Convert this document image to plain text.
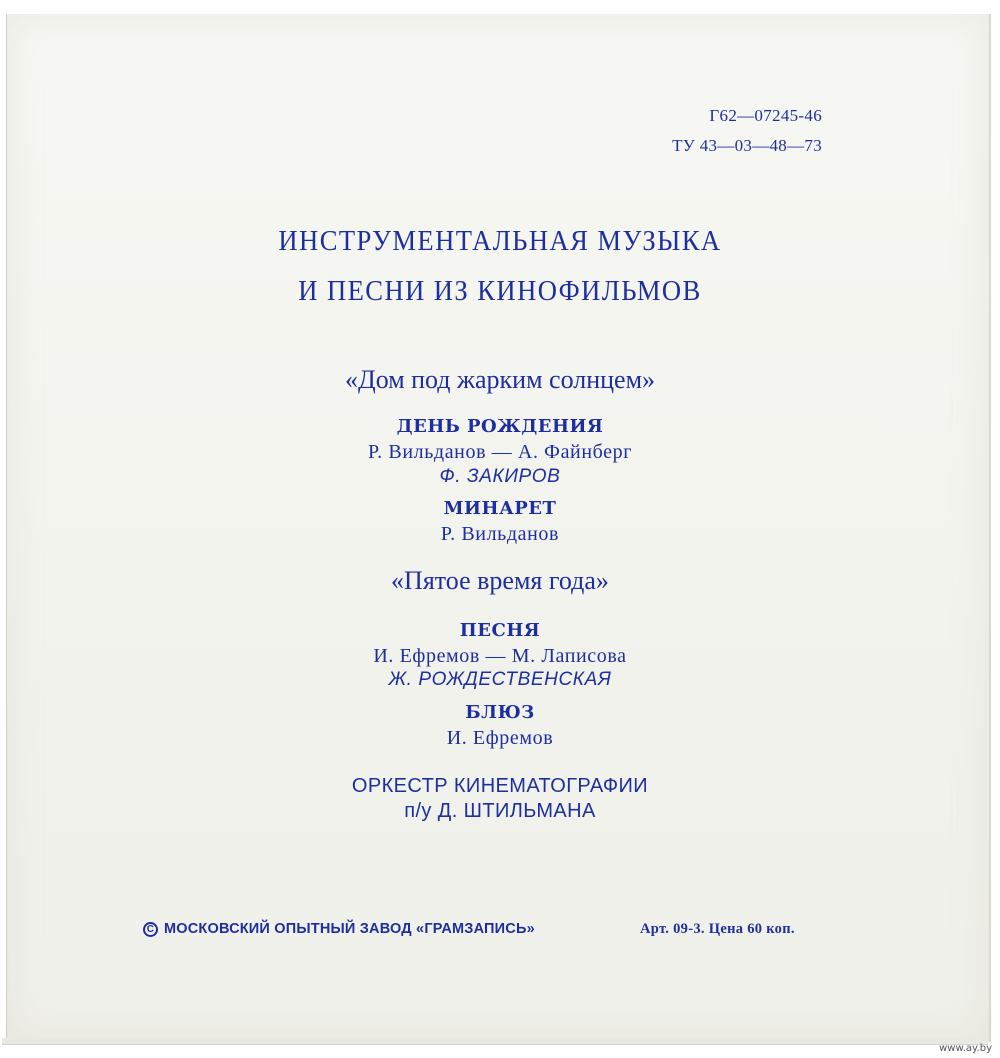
Г62—07245-46
ТУ 43—03—48—73
ИНСТРУМЕНТАЛЬНАЯ МУЗЫКА
И ПЕСНИ ИЗ КИНОФИЛЬМОВ
«Дом под жарким солнцем»
ДЕНЬ РОЖДЕНИЯ
Р. Вильданов — А. Файнберг
Ф. ЗАКИРОВ
МИНАРЕТ
Р. Вильданов
«Пятое время года»
ПЕСНЯ
И. Ефремов — М. Лаписова
Ж. РОЖДЕСТВЕНСКАЯ
БЛЮЗ
И. Ефремов
ОРКЕСТР КИНЕМАТОГРАФИИ
п/у Д. ШТИЛЬМАНА
C МОСКОВСКИЙ ОПЫТНЫЙ ЗАВОД «ГРАМЗАПИСЬ»	Арт. 09-3. Цена 60 коп.
www.ay.by
